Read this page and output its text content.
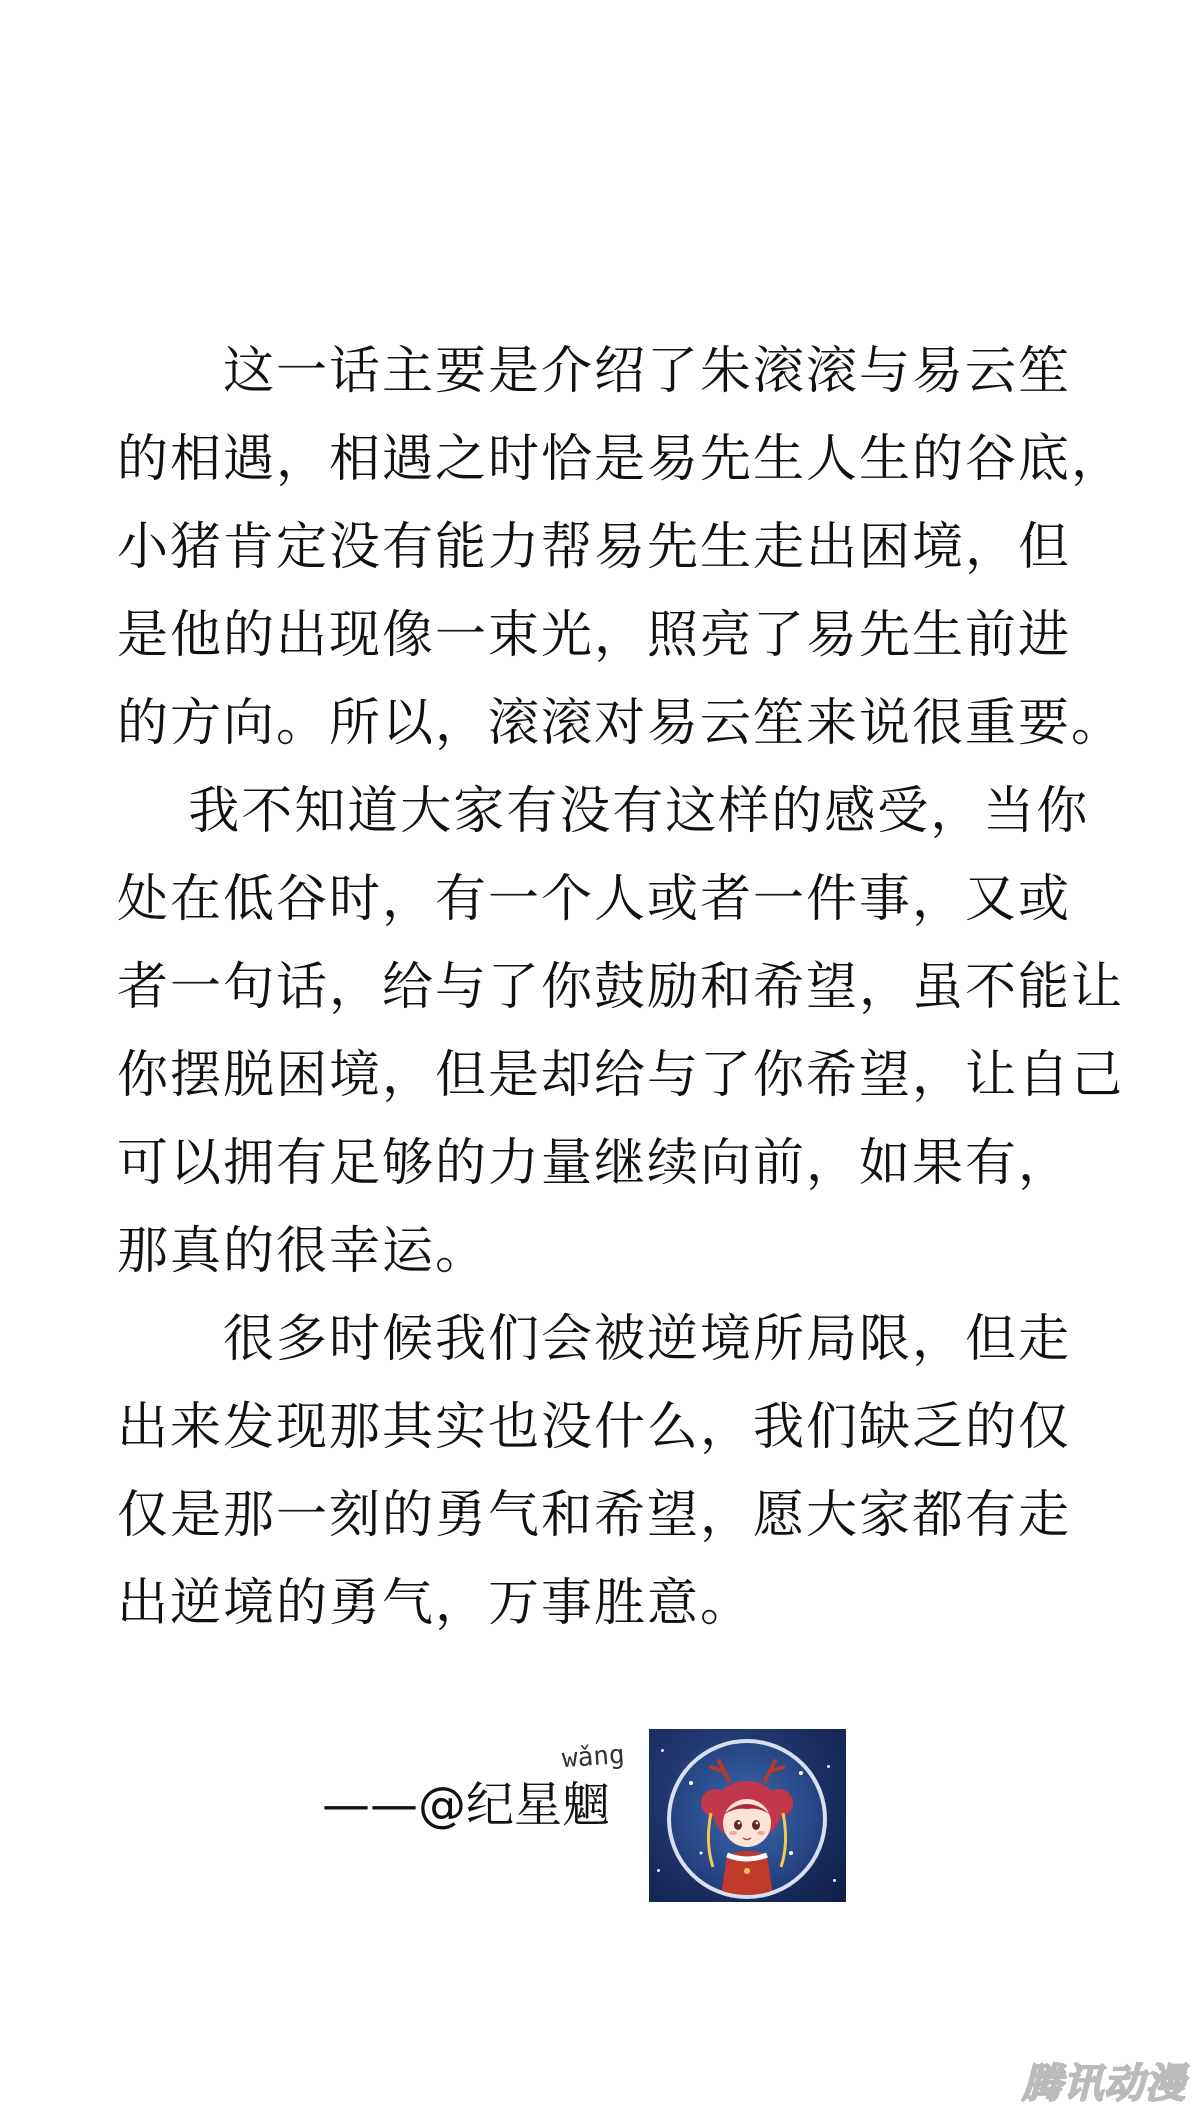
　　这一话主要是介绍了朱滚滚与易云笙
的相遇，相遇之时恰是易先生人生的谷底，
小猪肯定没有能力帮易先生走出困境，但
是他的出现像一束光，照亮了易先生前进
的方向。所以，滚滚对易云笙来说很重要。
　 我不知道大家有没有这样的感受，当你
处在低谷时，有一个人或者一件事，又或
者一句话，给与了你鼓励和希望，虽不能让
你摆脱困境，但是却给与了你希望，让自己
可以拥有足够的力量继续向前，如果有，
那真的很幸运。
　　很多时候我们会被逆境所局限，但走
出来发现那其实也没什么，我们缺乏的仅
仅是那一刻的勇气和希望，愿大家都有走
出逆境的勇气，万事胜意。
wǎng
——@纪星魍
腾讯动漫
